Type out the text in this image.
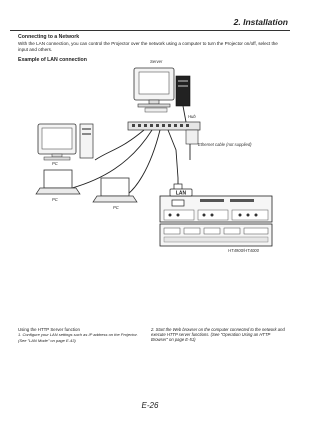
2. Installation
Connecting to a Network
With the LAN connection, you can control the Projector over the network using a computer to turn the Projector on/off, select the input and others.
Example of LAN connection
LAN
Server
Hub
Ethernet cable (not supplied)
PC
PC
PC
HT4900/HT4000
Using the HTTP Server function
1. Configure your LAN settings such as IP address on the Projector. (See "LAN Mode" on page E-43)
2. Start the Web browser on the computer connected to the network and execute HTTP server functions. (See "Operation Using an HTTP Browser" on page E-51)
E-26
